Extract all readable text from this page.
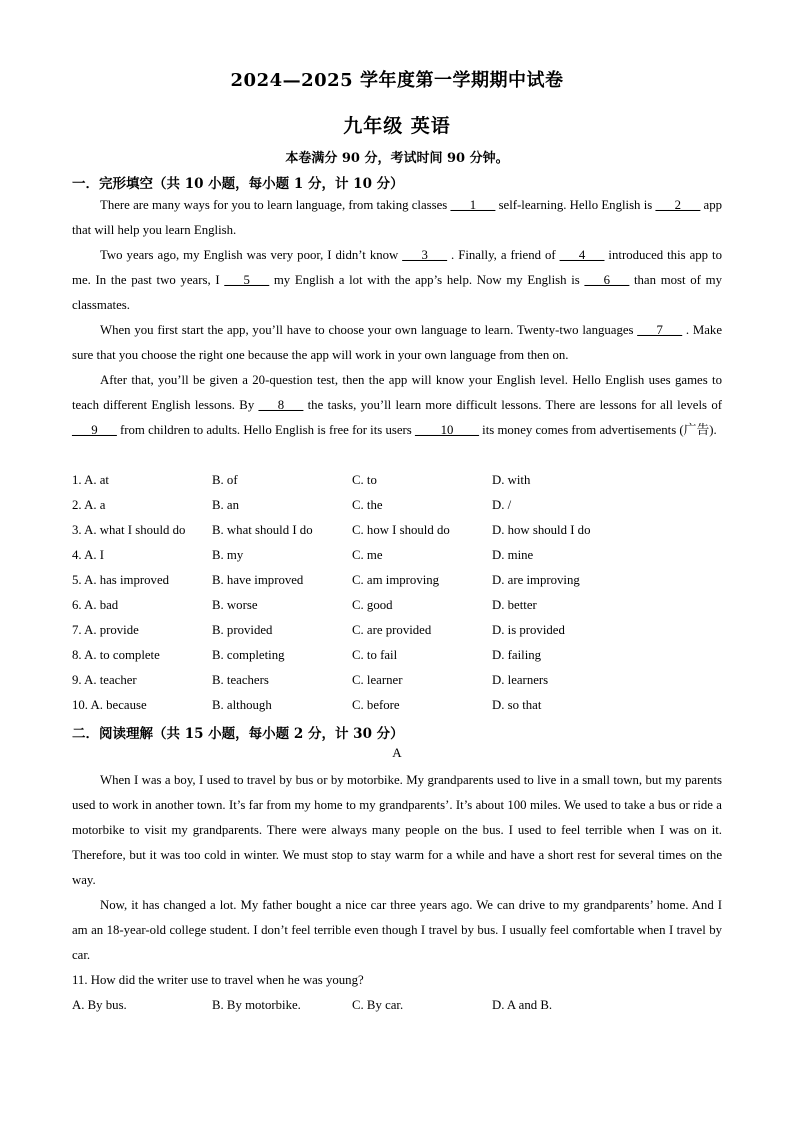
2024—2025 学年度第一学期期中试卷
九年级 英语
本卷满分 90 分，考试时间 90 分钟。
一．完形填空（共 10 小题，每小题 1 分，计 10 分）

There are many ways for you to learn language, from taking classes ___1___ self-learning. Hello English is ___2___ app that will help you learn English.

Two years ago, my English was very poor, I didn’t know ___3___ . Finally, a friend of ___4___ introduced this app to me. In the past two years, I ___5___ my English a lot with the app’s help. Now my English is ___6___ than most of my classmates.

When you first start the app, you’ll have to choose your own language to learn. Twenty-two languages ___7___ . Make sure that you choose the right one because the app will work in your own language from then on.

After that, you’ll be given a 20-question test, then the app will know your English level. Hello English uses games to teach different English lessons. By ___8___ the tasks, you’ll learn more difficult lessons. There are lessons for all levels of ___9___ from children to adults. Hello English is free for its users ____10____ its money comes from advertisements (广告).

1. A. at	B. of	C. to	D. with
2. A. a	B. an	C. the	D. /
3. A. what I should do	B. what should I do	C. how I should do	D. how should I do
4. A. I	B. my	C. me	D. mine
5. A. has improved	B. have improved	C. am improving	D. are improving
6. A. bad	B. worse	C. good	D. better
7. A. provide	B. provided	C. are provided	D. is provided
8. A. to complete	B. completing	C. to fail	D. failing
9. A. teacher	B. teachers	C. learner	D. learners
10. A. because	B. although	C. before	D. so that
二．阅读理解（共 15 小题，每小题 2 分，计 30 分）
A

When I was a boy, I used to travel by bus or by motorbike. My grandparents used to live in a small town, but my parents used to work in another town. It’s far from my home to my grandparents’. It’s about 100 miles. We used to take a bus or ride a motorbike to visit my grandparents. There were always many people on the bus. I used to feel terrible when I was on it. Therefore, but it was too cold in winter. We must stop to stay warm for a while and have a short rest for several times on the way.

Now, it has changed a lot. My father bought a nice car three years ago. We can drive to my grandparents’ home. And I am an 18-year-old college student. I don’t feel terrible even though I travel by bus. I usually feel comfortable when I travel by car.

11. How did the writer use to travel when he was young?
A. By bus.	B. By motorbike.	C. By car.	D. A and B.
